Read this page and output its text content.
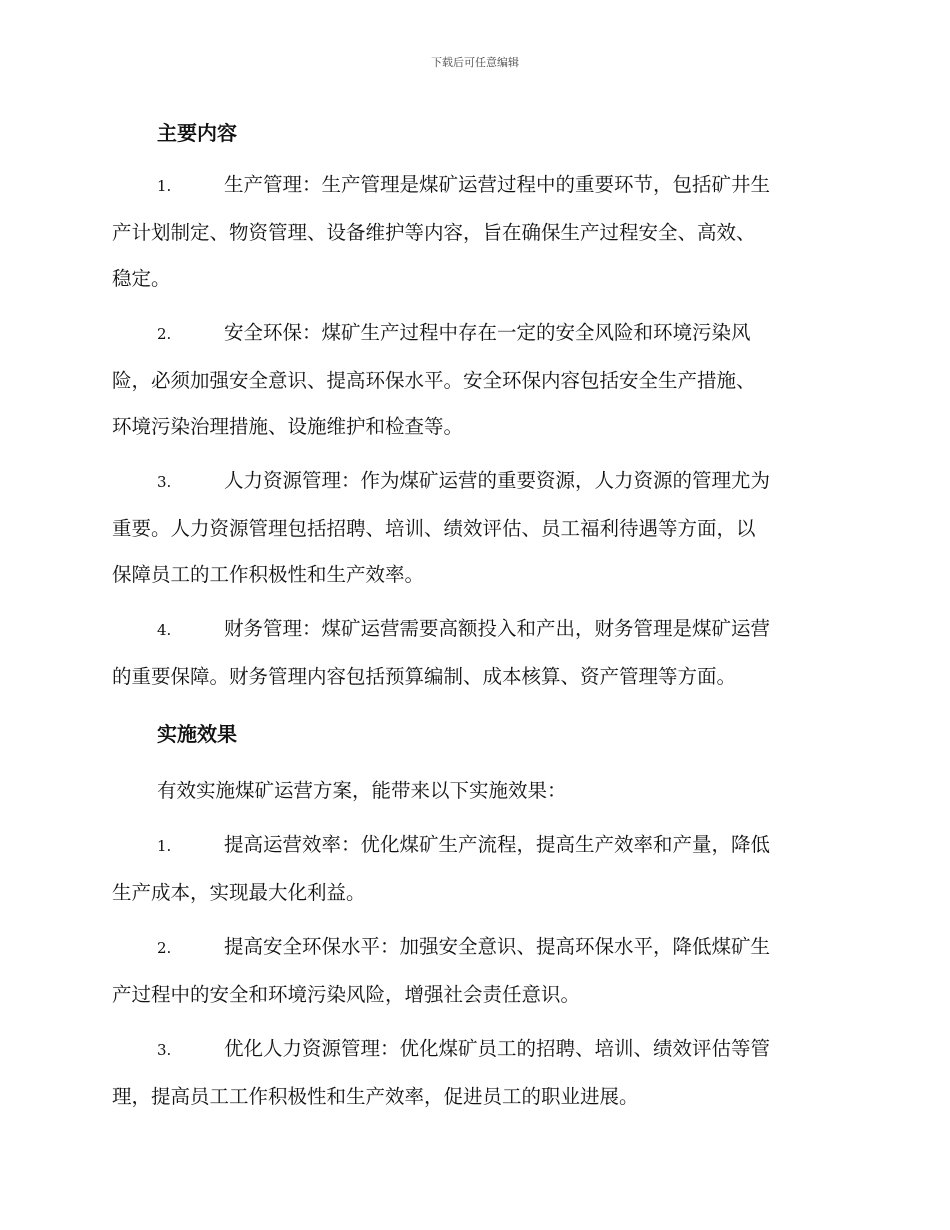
下载后可任意编辑
主要内容
1.	生产管理：生产管理是煤矿运营过程中的重要环节，包括矿井生
产计划制定、物资管理、设备维护等内容，旨在确保生产过程安全、高效、
稳定。
2.	安全环保：煤矿生产过程中存在一定的安全风险和环境污染风
险，必须加强安全意识、提高环保水平。安全环保内容包括安全生产措施、
环境污染治理措施、设施维护和检查等。
3.	人力资源管理：作为煤矿运营的重要资源，人力资源的管理尤为
重要。人力资源管理包括招聘、培训、绩效评估、员工福利待遇等方面，以
保障员工的工作积极性和生产效率。
4.	财务管理：煤矿运营需要高额投入和产出，财务管理是煤矿运营
的重要保障。财务管理内容包括预算编制、成本核算、资产管理等方面。
实施效果
有效实施煤矿运营方案，能带来以下实施效果：
1.	提高运营效率：优化煤矿生产流程，提高生产效率和产量，降低
生产成本，实现最大化利益。
2.	提高安全环保水平：加强安全意识、提高环保水平，降低煤矿生
产过程中的安全和环境污染风险，增强社会责任意识。
3.	优化人力资源管理：优化煤矿员工的招聘、培训、绩效评估等管
理，提高员工工作积极性和生产效率，促进员工的职业进展。
